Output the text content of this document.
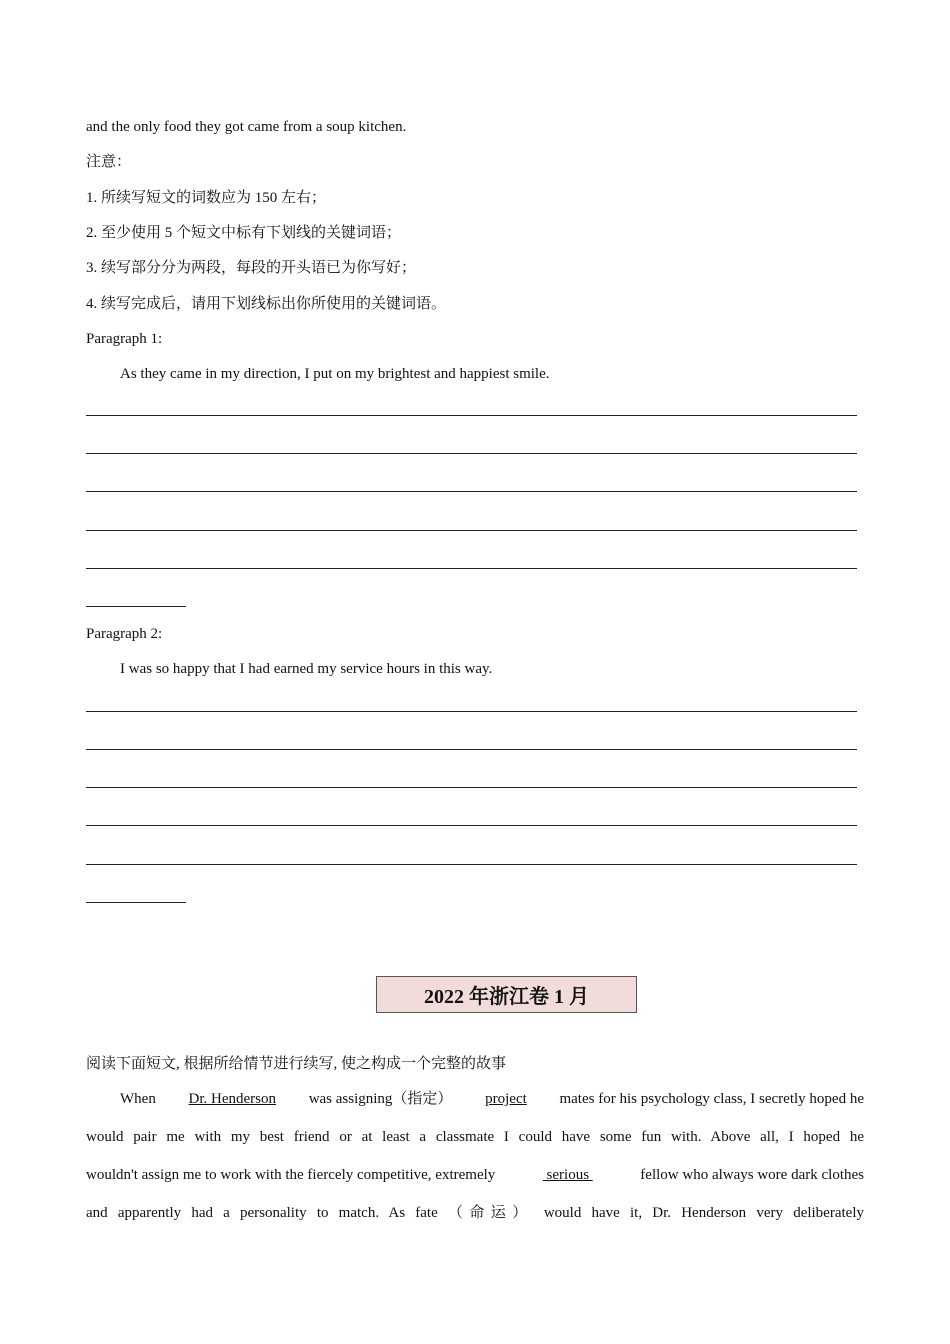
and the only food they got came from a soup kitchen.
注意：
1. 所续写短文的词数应为 150 左右；
2. 至少使用 5 个短文中标有下划线的关键词语；
3. 续写部分分为两段，每段的开头语已为你写好；
4. 续写完成后，请用下划线标出你所使用的关键词语。
Paragraph 1:
As they came in my direction, I put on my brightest and happiest smile.
Paragraph 2:
I was so happy that I had earned my service hours in this way.
2022 年浙江卷 1 月
阅读下面短文, 根据所给情节进行续写, 使之构成一个完整的故事
When Dr. Henderson was assigning（指定） project mates for his psychology class, I secretly hoped he
would pair me with my best friend or at least a classmate I could have some fun with. Above all, I hoped he
wouldn't assign me to work with the fiercely competitive, extremely	serious	fellow who always wore dark clothes
and apparently had a personality to match. As fate （命运） would have it, Dr. Henderson very deliberately
